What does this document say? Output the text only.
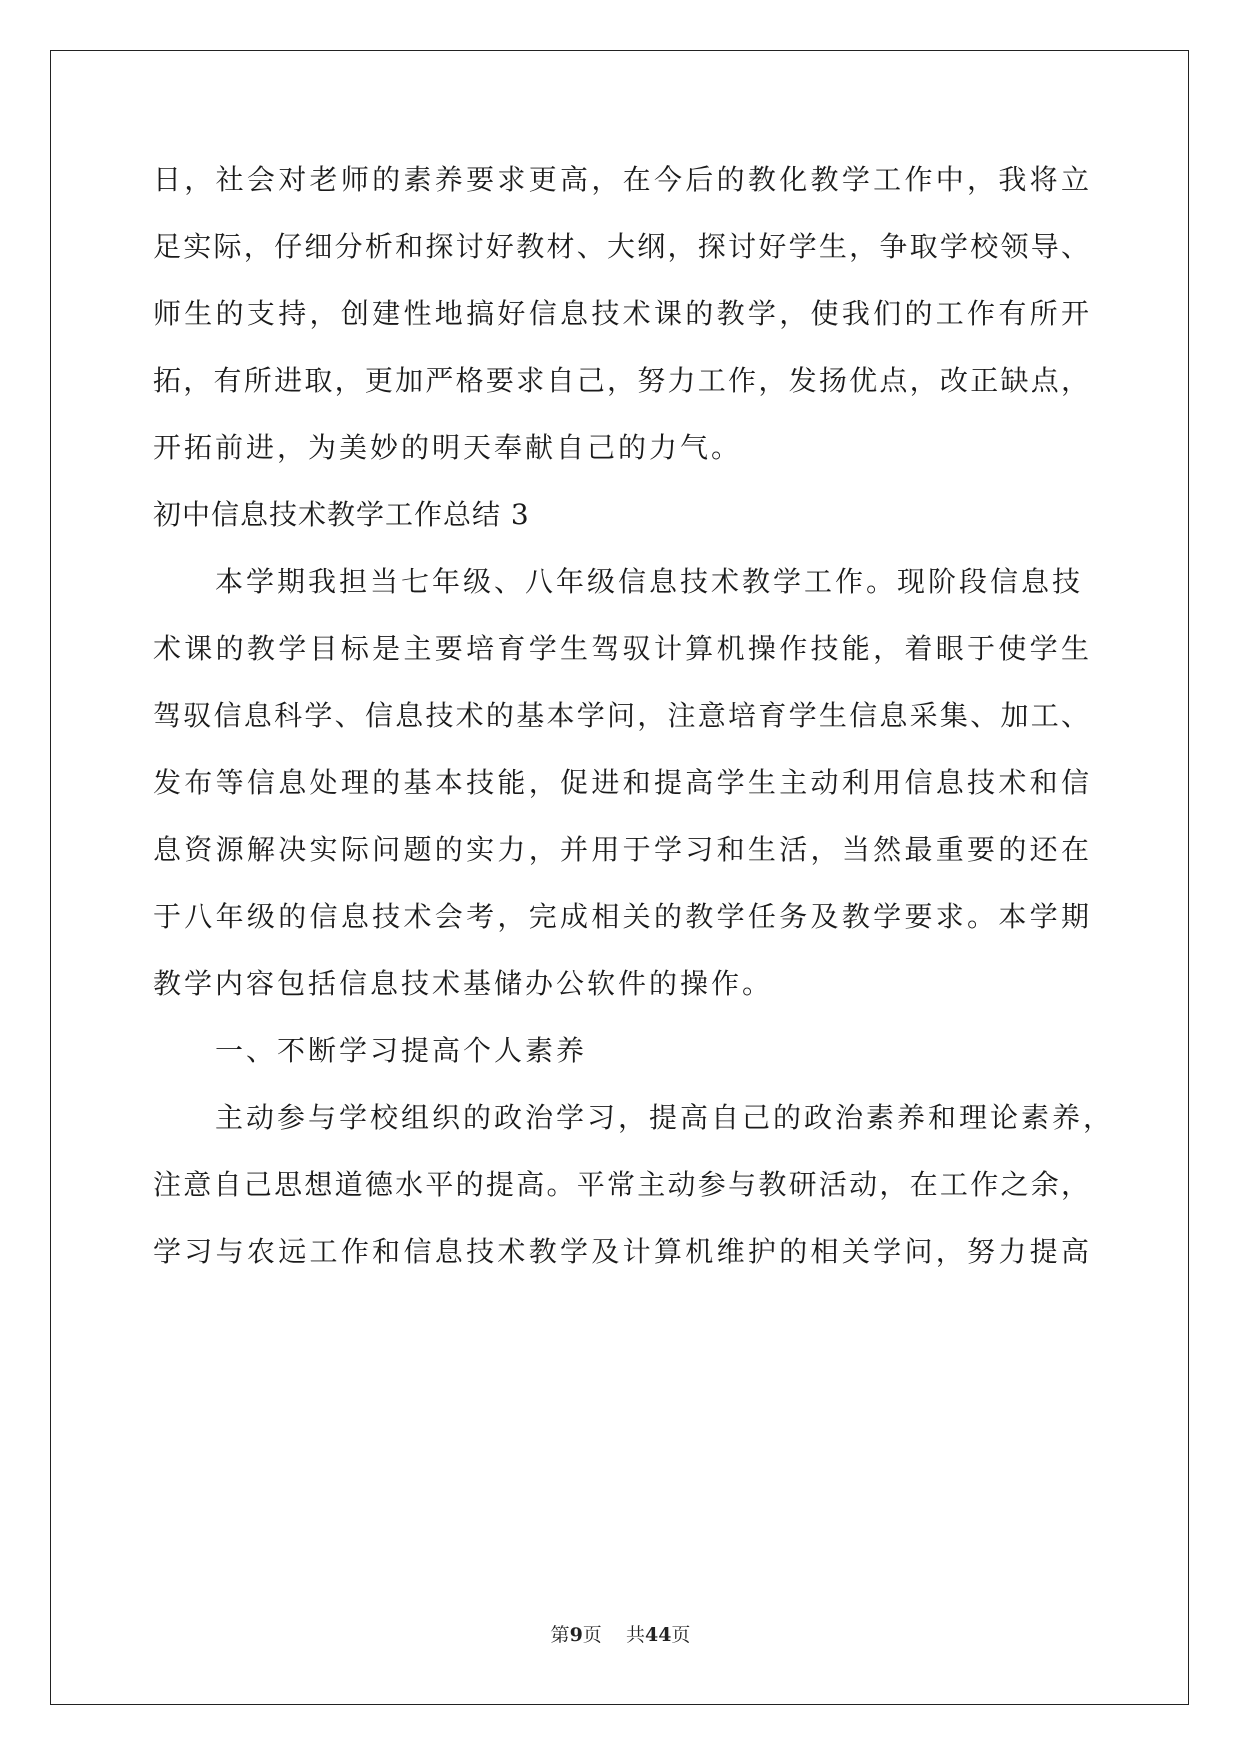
日，社会对老师的素养要求更高，在今后的教化教学工作中，我将立
足实际，仔细分析和探讨好教材、大纲，探讨好学生，争取学校领导、
师生的支持，创建性地搞好信息技术课的教学，使我们的工作有所开
拓，有所进取，更加严格要求自己，努力工作，发扬优点，改正缺点，
开拓前进，为美妙的明天奉献自己的力气。
初中信息技术教学工作总结 3
本学期我担当七年级、八年级信息技术教学工作。现阶段信息技
术课的教学目标是主要培育学生驾驭计算机操作技能，着眼于使学生
驾驭信息科学、信息技术的基本学问，注意培育学生信息采集、加工、
发布等信息处理的基本技能，促进和提高学生主动利用信息技术和信
息资源解决实际问题的实力，并用于学习和生活，当然最重要的还在
于八年级的信息技术会考，完成相关的教学任务及教学要求。本学期
教学内容包括信息技术基储办公软件的操作。
一、不断学习提高个人素养
主动参与学校组织的政治学习，提高自己的政治素养和理论素养，
注意自己思想道德水平的提高。平常主动参与教研活动，在工作之余，
学习与农远工作和信息技术教学及计算机维护的相关学问，努力提高
第9页    共44页
